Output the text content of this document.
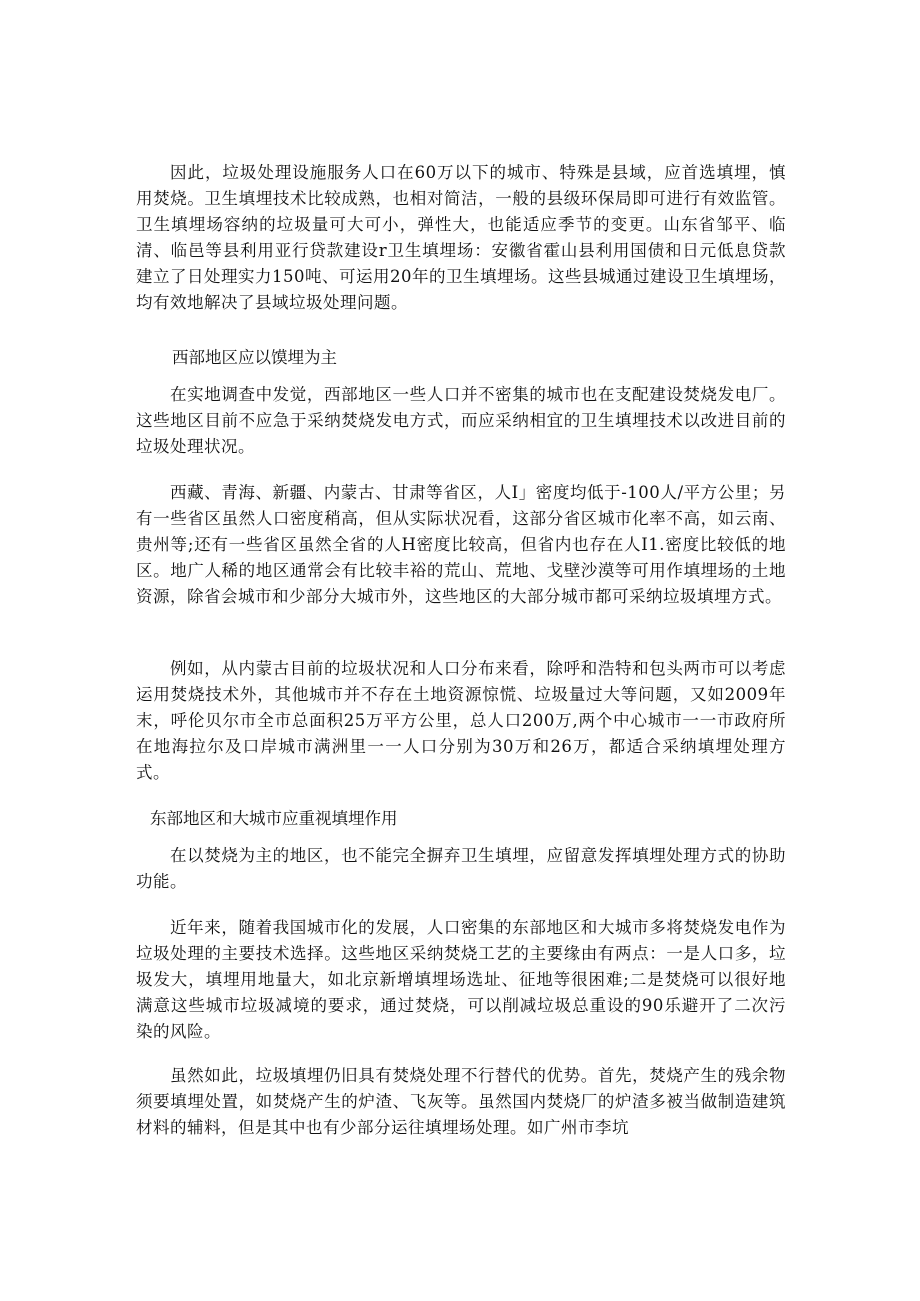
因此，垃圾处理设施服务人口在60万以下的城市、特殊是县域，应首选填埋，慎用焚烧。卫生填埋技术比较成熟，也相对简洁，一般的县级环保局即可进行有效监管。卫生填埋场容纳的垃圾量可大可小，弹性大，也能适应季节的变更。山东省邹平、临清、临邑等县利用亚行贷款建设r卫生填埋场：安徽省霍山县利用国债和日元低息贷款建立了日处理实力150吨、可运用20年的卫生填埋场。这些县城通过建设卫生填埋场，均有效地解决了县域垃圾处理问题。

西部地区应以馍埋为主

在实地调查中发觉，西部地区一些人口并不密集的城市也在支配建设焚烧发电厂。这些地区目前不应急于采纳焚烧发电方式，而应采纳相宜的卫生填埋技术以改进目前的垃圾处理状况。

西藏、青海、新疆、内蒙古、甘肃等省区，人I」密度均低于-100人/平方公里；另有一些省区虽然人口密度稍高，但从实际状况看，这部分省区城市化率不高，如云南、贵州等;还有一些省区虽然全省的人H密度比较高，但省内也存在人I1.密度比较低的地区。地广人稀的地区通常会有比较丰裕的荒山、荒地、戈壁沙漠等可用作填埋场的土地资源，除省会城市和少部分大城市外，这些地区的大部分城市都可采纳垃圾填埋方式。

例如，从内蒙古目前的垃圾状况和人口分布来看，除呼和浩特和包头两市可以考虑运用焚烧技术外，其他城市并不存在土地资源惊慌、垃圾量过大等问题，又如2009年末，呼伦贝尔市全市总面积25万平方公里，总人口200万,两个中心城市一一市政府所在地海拉尔及口岸城市满洲里一一人口分别为30万和26万，都适合采纳填埋处理方式。

东部地区和大城市应重视填埋作用

在以焚烧为主的地区，也不能完全摒弃卫生填埋，应留意发挥填埋处理方式的协助功能。

近年来，随着我国城市化的发展，人口密集的东部地区和大城市多将焚烧发电作为垃圾处理的主要技术选择。这些地区采纳焚烧工艺的主要缘由有两点：一是人口多，垃圾发大，填埋用地量大，如北京新增填埋场选址、征地等很困难;二是焚烧可以很好地满意这些城市垃圾减境的要求，通过焚烧，可以削减垃圾总重设的90乐避开了二次污染的风险。

虽然如此，垃圾填埋仍旧具有焚烧处理不行替代的优势。首先，焚烧产生的残余物须要填埋处置，如焚烧产生的炉渣、飞灰等。虽然国内焚烧厂的炉渣多被当做制造建筑材料的辅料，但是其中也有少部分运往填埋场处理。如广州市李坑
